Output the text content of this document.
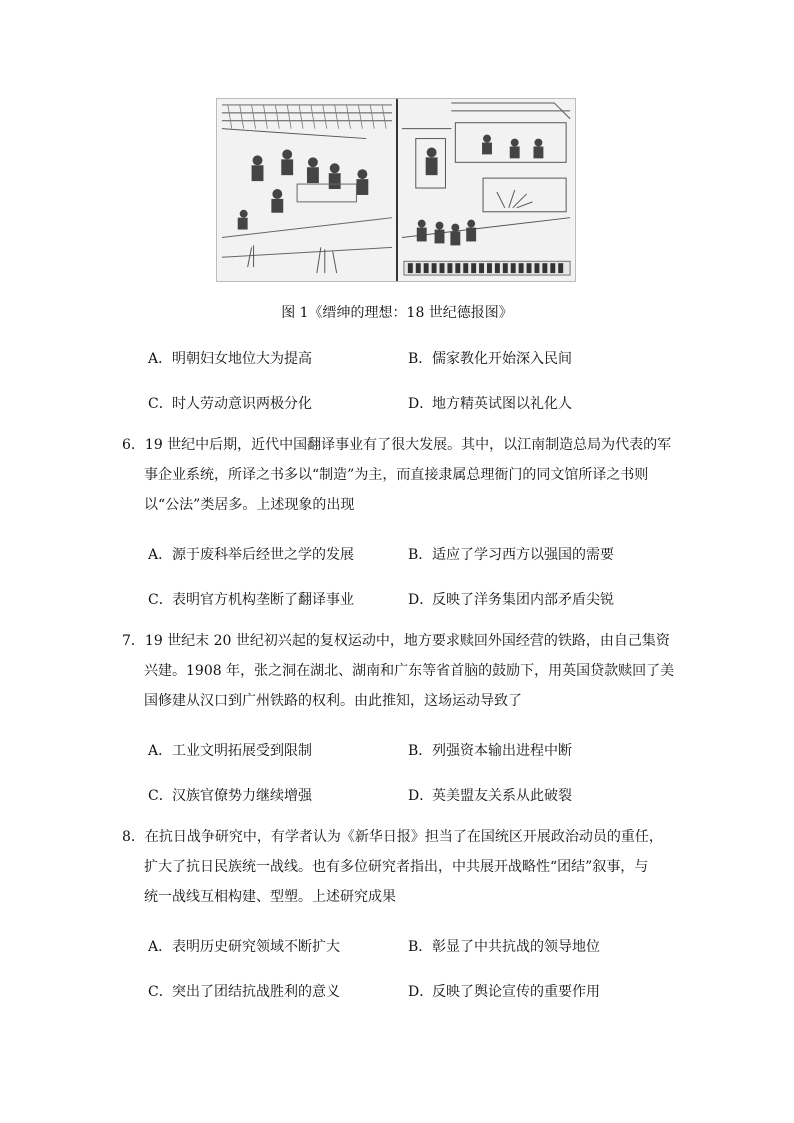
图 1《缙绅的理想：18 世纪德报图》
A．明朝妇女地位大为提高	B．儒家教化开始深入民间
C．时人劳动意识两极分化	D．地方精英试图以礼化人
6．19 世纪中后期，近代中国翻译事业有了很大发展。其中，以江南制造总局为代表的军
事企业系统，所译之书多以“制造”为主，而直接隶属总理衙门的同文馆所译之书则
以“公法”类居多。上述现象的出现
A．源于废科举后经世之学的发展	B．适应了学习西方以强国的需要
C．表明官方机构垄断了翻译事业	D．反映了洋务集团内部矛盾尖锐
7．19 世纪末 20 世纪初兴起的复权运动中，地方要求赎回外国经营的铁路，由自己集资
兴建。1908 年，张之洞在湖北、湖南和广东等省首脑的鼓励下，用英国贷款赎回了美
国修建从汉口到广州铁路的权利。由此推知，这场运动导致了
A．工业文明拓展受到限制	B．列强资本输出进程中断
C．汉族官僚势力继续增强	D．英美盟友关系从此破裂
8．在抗日战争研究中，有学者认为《新华日报》担当了在国统区开展政治动员的重任，
扩大了抗日民族统一战线。也有多位研究者指出，中共展开战略性“团结”叙事，与
统一战线互相构建、型塑。上述研究成果
A．表明历史研究领域不断扩大	B．彰显了中共抗战的领导地位
C．突出了团结抗战胜利的意义	D．反映了舆论宣传的重要作用
